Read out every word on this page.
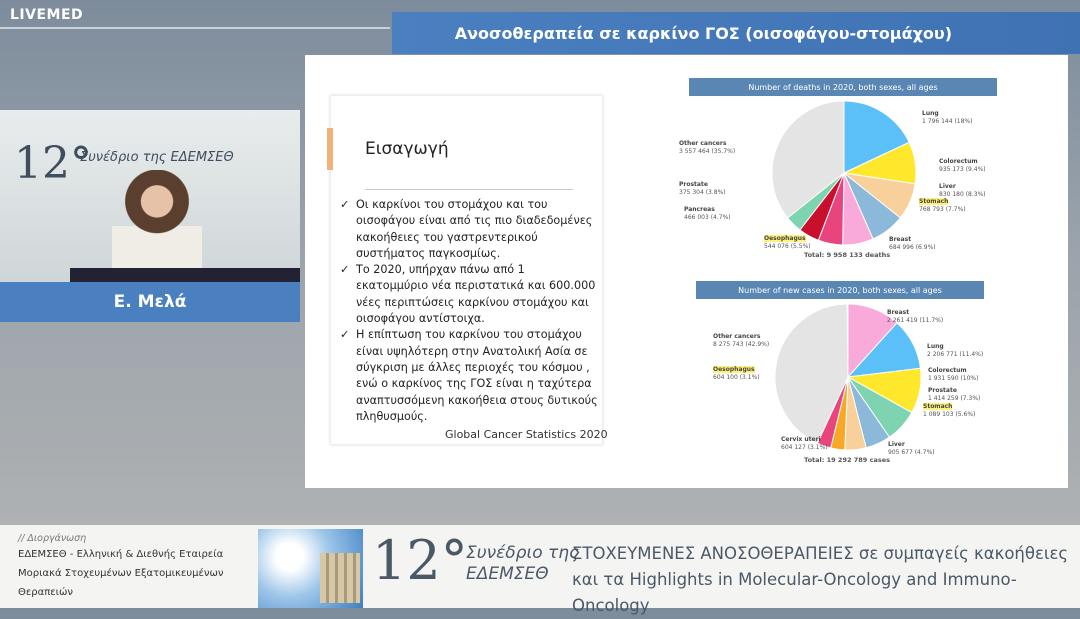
LIVEMED
Ανοσοθεραπεία σε καρκίνο ΓΟΣ (οισοφάγου-στομάχου)
12°
Συνέδριο της ΕΔΕΜΣΕΘ
Ε. Μελά
Εισαγωγή
✓ Οι καρκίνοι του στομάχου και του οισοφάγου είναι από τις πιο διαδεδομένες κακοήθειες του γαστρεντερικού συστήματος παγκοσμίως.
✓ Το 2020, υπήρχαν πάνω από 1 εκατομμύριο νέα περιστατικά και 600.000 νέες περιπτώσεις καρκίνου στομάχου και οισοφάγου αντίστοιχα.
✓ Η επίπτωση του καρκίνου του στομάχου είναι υψηλότερη στην Ανατολική Ασία σε σύγκριση με άλλες περιοχές του κόσμου , ενώ ο καρκίνος της ΓΟΣ είναι η ταχύτερα αναπτυσσόμενη κακοήθεια στους δυτικούς πληθυσμούς.
Global Cancer Statistics 2020
Number of deaths in 2020, both sexes, all ages
Total: 9 958 133 deaths
Lung
1 796 144 (18%)
Colorectum
935 173 (9.4%)
Liver
830 180 (8.3%)
Stomach
768 793 (7.7%)
Breast
684 996 (6.9%)
Oesophagus
544 076 (5.5%)
Pancreas
466 003 (4.7%)
Prostate
375 304 (3.8%)
Other cancers
3 557 464 (35.7%)
Number of new cases in 2020, both sexes, all ages
Total: 19 292 789 cases
Breast
2 261 419 (11.7%)
Lung
2 206 771 (11.4%)
Colorectum
1 931 590 (10%)
Prostate
1 414 259 (7.3%)
Stomach
1 089 103 (5.6%)
Liver
905 677 (4.7%)
Cervix uteri
604 127 (3.1%)
Oesophagus
604 100 (3.1%)
Other cancers
8 275 743 (42.9%)
// Διοργάνωση
ΕΔΕΜΣΕΘ - Ελληνική & Διεθνής Εταιρεία
Μοριακά Στοχευμένων Εξατομικευμένων
Θεραπειών
12°
Συνέδριο της
ΕΔΕΜΣΕΘ
ΣΤΟΧΕΥΜΕΝΕΣ ΑΝΟΣΟΘΕΡΑΠΕΙΕΣ σε συμπαγείς κακοήθειες
και τα Highlights in Molecular-Oncology and Immuno-Oncology
